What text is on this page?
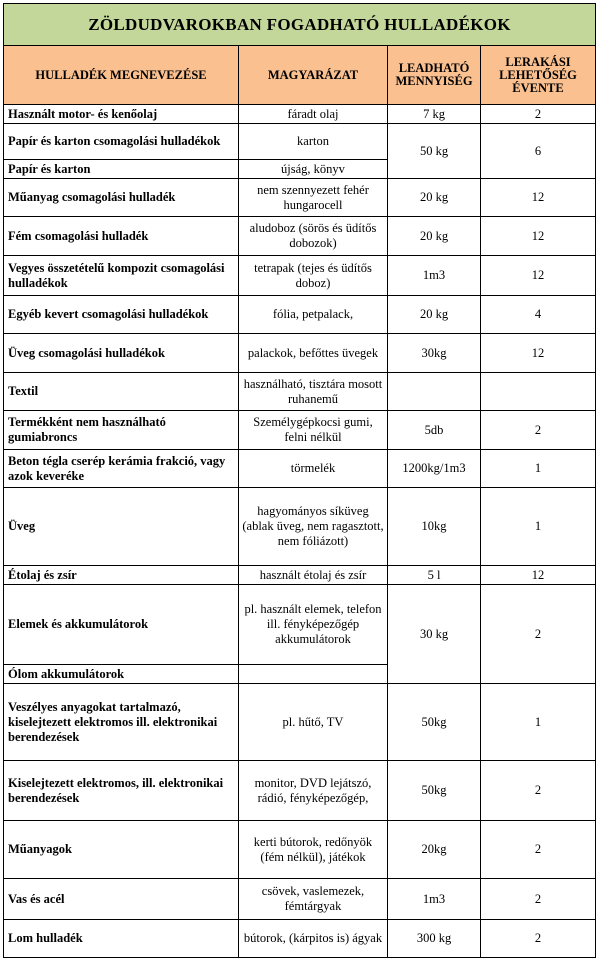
ZÖLDUDVAROKBAN FOGADHATÓ HULLADÉKOK			
HULLADÉK MEGNEVEZÉSE	MAGYARÁZAT	LEADHATÓ MENNYISÉG	LERAKÁSI LEHETŐSÉG ÉVENTE
Használt motor- és kenőolaj	fáradt olaj	7 kg	2
Papír és karton csomagolási hulladékok	karton	50 kg	6
Papír és karton	újság, könyv		
Műanyag csomagolási hulladék	nem szennyezett fehér hungarocell	20 kg	12
Fém csomagolási hulladék	aludoboz (sörös és üdítős dobozok)	20 kg	12
Vegyes összetételű kompozit csomagolási hulladékok	tetrapak (tejes és üdítős doboz)	1m3	12
Egyéb kevert csomagolási hulladékok	fólia, petpalack,	20 kg	4
Üveg csomagolási hulladékok	palackok, befőttes üvegek	30kg	12
Textil	használható, tisztára mosott ruhanemű		
Termékként nem használható gumiabroncs	Személygépkocsi gumi, felni nélkül	5db	2
Beton tégla cserép kerámia frakció, vagy azok keveréke	törmelék	1200kg/1m3	1
Üveg	hagyományos síküveg (ablak üveg, nem ragasztott, nem fóliázott)	10kg	1
Étolaj és zsír	használt étolaj és zsír	5 l	12
Elemek és akkumulátorok	pl. használt elemek, telefon ill. fényképezőgép akkumulátorok	30 kg	2
Ólom akkumulátorok			
Veszélyes anyagokat tartalmazó, kiselejtezett elektromos ill. elektronikai berendezések	pl. hűtő, TV	50kg	1
Kiselejtezett elektromos, ill. elektronikai berendezések	monitor, DVD lejátszó, rádió, fényképezőgép,	50kg	2
Műanyagok	kerti bútorok, redőnyök (fém nélkül), játékok	20kg	2
Vas és acél	csövek, vaslemezek, fémtárgyak	1m3	2
Lom hulladék	bútorok, (kárpitos is) ágyak	300 kg	2
